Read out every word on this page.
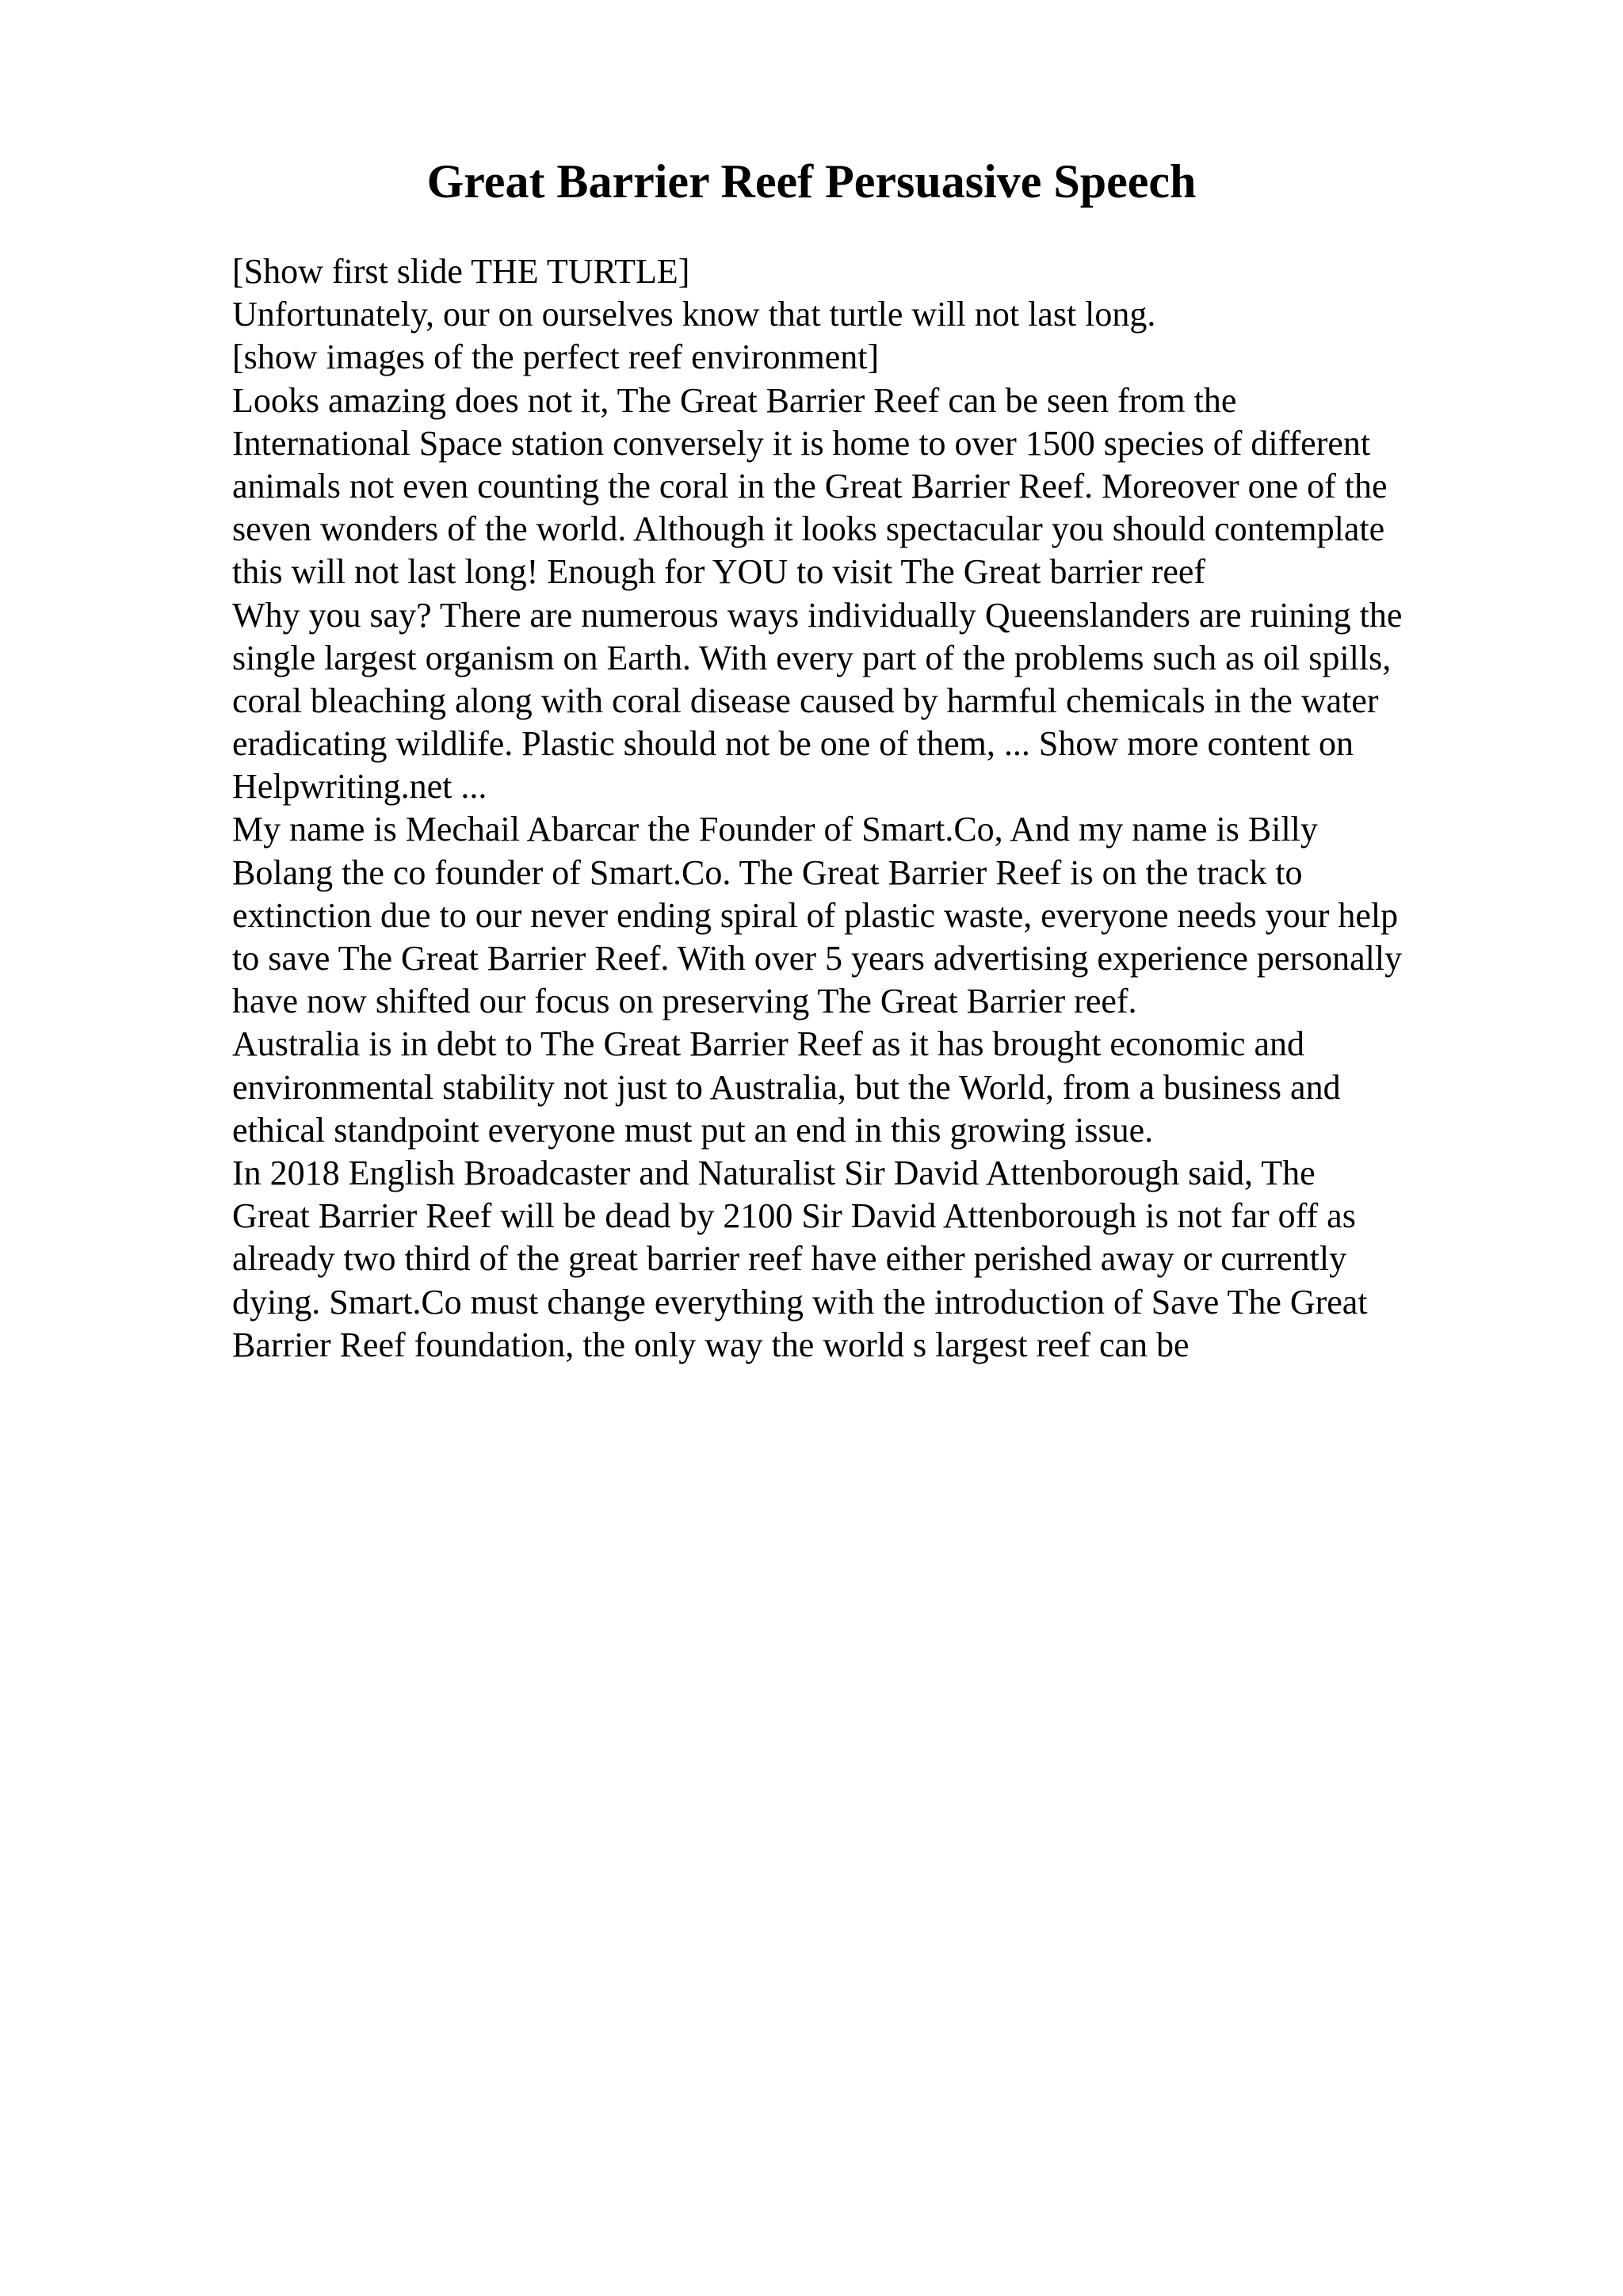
Great Barrier Reef Persuasive Speech
[Show first slide THE TURTLE]
Unfortunately, our on ourselves know that turtle will not last long.
[show images of the perfect reef environment]
Looks amazing does not it, The Great Barrier Reef can be seen from the
International Space station conversely it is home to over 1500 species of different
animals not even counting the coral in the Great Barrier Reef. Moreover one of the
seven wonders of the world. Although it looks spectacular you should contemplate
this will not last long! Enough for YOU to visit The Great barrier reef
Why you say? There are numerous ways individually Queenslanders are ruining the
single largest organism on Earth. With every part of the problems such as oil spills,
coral bleaching along with coral disease caused by harmful chemicals in the water
eradicating wildlife. Plastic should not be one of them, ... Show more content on
Helpwriting.net ...
My name is Mechail Abarcar the Founder of Smart.Co, And my name is Billy
Bolang the co founder of Smart.Co. The Great Barrier Reef is on the track to
extinction due to our never ending spiral of plastic waste, everyone needs your help
to save The Great Barrier Reef. With over 5 years advertising experience personally
have now shifted our focus on preserving The Great Barrier reef.
Australia is in debt to The Great Barrier Reef as it has brought economic and
environmental stability not just to Australia, but the World, from a business and
ethical standpoint everyone must put an end in this growing issue.
In 2018 English Broadcaster and Naturalist Sir David Attenborough said, The
Great Barrier Reef will be dead by 2100 Sir David Attenborough is not far off as
already two third of the great barrier reef have either perished away or currently
dying. Smart.Co must change everything with the introduction of Save The Great
Barrier Reef foundation, the only way the world s largest reef can be
